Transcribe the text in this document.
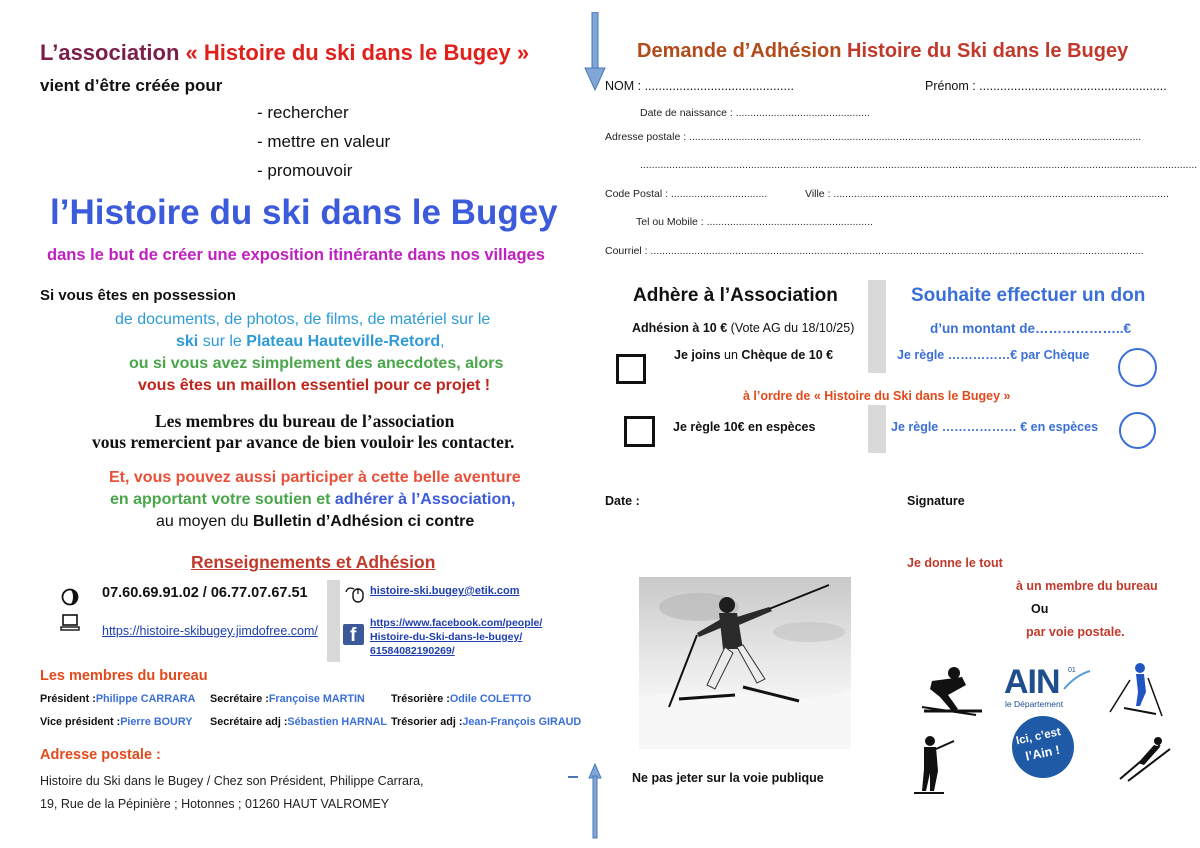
L’association « Histoire du ski dans le Bugey »
vient d’être créée pour
- rechercher
- mettre en valeur
- promouvoir
l’Histoire du ski dans le Bugey
dans le but de créer une exposition itinérante dans nos villages
Si vous êtes en possession
de documents, de photos, de films, de matériel sur le
ski sur le Plateau Hauteville-Retord,
ou si vous avez simplement des anecdotes, alors
vous êtes un maillon essentiel pour ce projet !
Les membres du bureau de l’association
vous remercient par avance de bien vouloir les contacter.
Et, vous pouvez aussi participer à cette belle aventure
en apportant votre soutien et adhérer à l’Association,
au moyen du Bulletin d’Adhésion ci contre
Renseignements et Adhésion
07.60.69.91.02 / 06.77.07.67.51
https://histoire-skibugey.jimdofree.com/
histoire-ski.bugey@etik.com
f
https://www.facebook.com/people/
Histoire-du-Ski-dans-le-bugey/
61584082190269/
Les membres du bureau
Président :Philippe CARRARA Secrétaire :Françoise MARTIN Trésorière :Odile COLETTO
Vice président :Pierre BOURY Secrétaire adj :Sébastien HARNAL Trésorier adj :Jean-François GIRAUD
Adresse postale :
Histoire du Ski dans le Bugey / Chez son Président, Philippe Carrara,
19, Rue de la Pépinière ; Hotonnes ; 01260 HAUT VALROMEY
Demande d’Adhésion Histoire du Ski dans le Bugey
NOM : ...........................................	Prénom : ......................................................
Date de naissance : ..............................................
Adresse postale : ...........................................................................................................................................................
...............................................................................................................................................................................................
Code Postal : .................................	Ville : ...................................................................................................................
Tel ou Mobile : .........................................................
Courriel : .........................................................................................................................................................................
Adhère à l’Association
Adhésion à 10 € (Vote AG du 18/10/25)
Je joins un Chèque de 10 €
Je règle 10€ en espèces
Souhaite effectuer un don
d’un montant de………………..€
Je règle ……………€ par Chèque
à l’ordre de « Histoire du Ski dans le Bugey »
Je règle ……………… € en espèces
Date :	Signature
Je donne le tout
à un membre du bureau
Ou
par voie postale.
Ne pas jeter sur la voie publique
AIN
le Département
01
Ici, c’est
l’Ain !
